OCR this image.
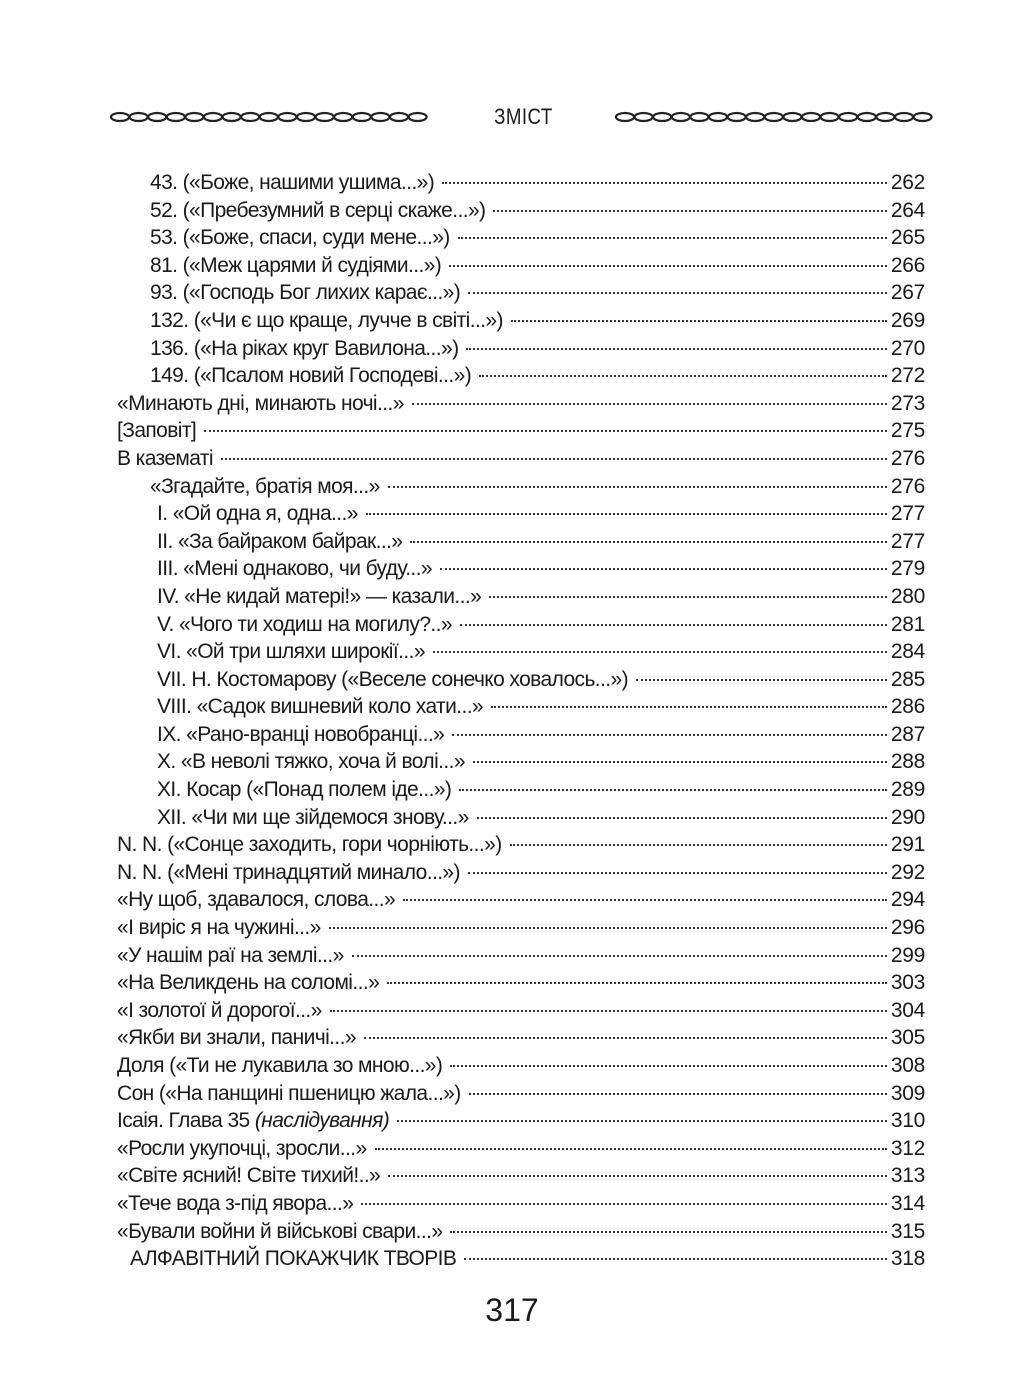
ЗМІСТ
43. («Боже, нашими ушима...»)	262
52. («Пребезумний в серці скаже...»)	264
53. («Боже, спаси, суди мене...»)	265
81. («Меж царями й судіями...»)	266
93. («Господь Бог лихих карає...»)	267
132. («Чи є що краще, лучче в світі...»)	269
136. («На ріках круг Вавилона...»)	270
149. («Псалом новий Господеві...»)	272
«Минають дні, минають ночі...»	273
[Заповіт]	275
В казематі	276
«Згадайте, братія моя...»	276
I. «Ой одна я, одна...»	277
II. «За байраком байрак...»	277
III. «Мені однаково, чи буду...»	279
IV. «Не кидай матері!» — казали...»	280
V. «Чого ти ходиш на могилу?..»	281
VI. «Ой три шляхи широкії...»	284
VII. Н. Костомарову («Веселе сонечко ховалось...»)	285
VIII. «Садок вишневий коло хати...»	286
IX. «Рано-вранці новобранці...»	287
X. «В неволі тяжко, хоча й волі...»	288
XI. Косар («Понад полем іде...»)	289
XII. «Чи ми ще зійдемося знову...»	290
N. N. («Сонце заходить, гори чорніють...»)	291
N. N. («Мені тринадцятий минало...»)	292
«Ну щоб, здавалося, слова...»	294
«І виріс я на чужині...»	296
«У нашім раї на землі...»	299
«На Великдень на соломі...»	303
«І золотої й дорогої...»	304
«Якби ви знали, паничі...»	305
Доля («Ти не лукавила зо мною...»)	308
Сон («На панщині пшеницю жала...»)	309
Ісаія. Глава 35 (наслідування)	310
«Росли укупочці, зросли...»	312
«Світе ясний! Світе тихий!..»	313
«Тече вода з-під явора...»	314
«Бували войни й військові свари...»	315
АЛФАВІТНИЙ ПОКАЖЧИК ТВОРІВ	318
317
